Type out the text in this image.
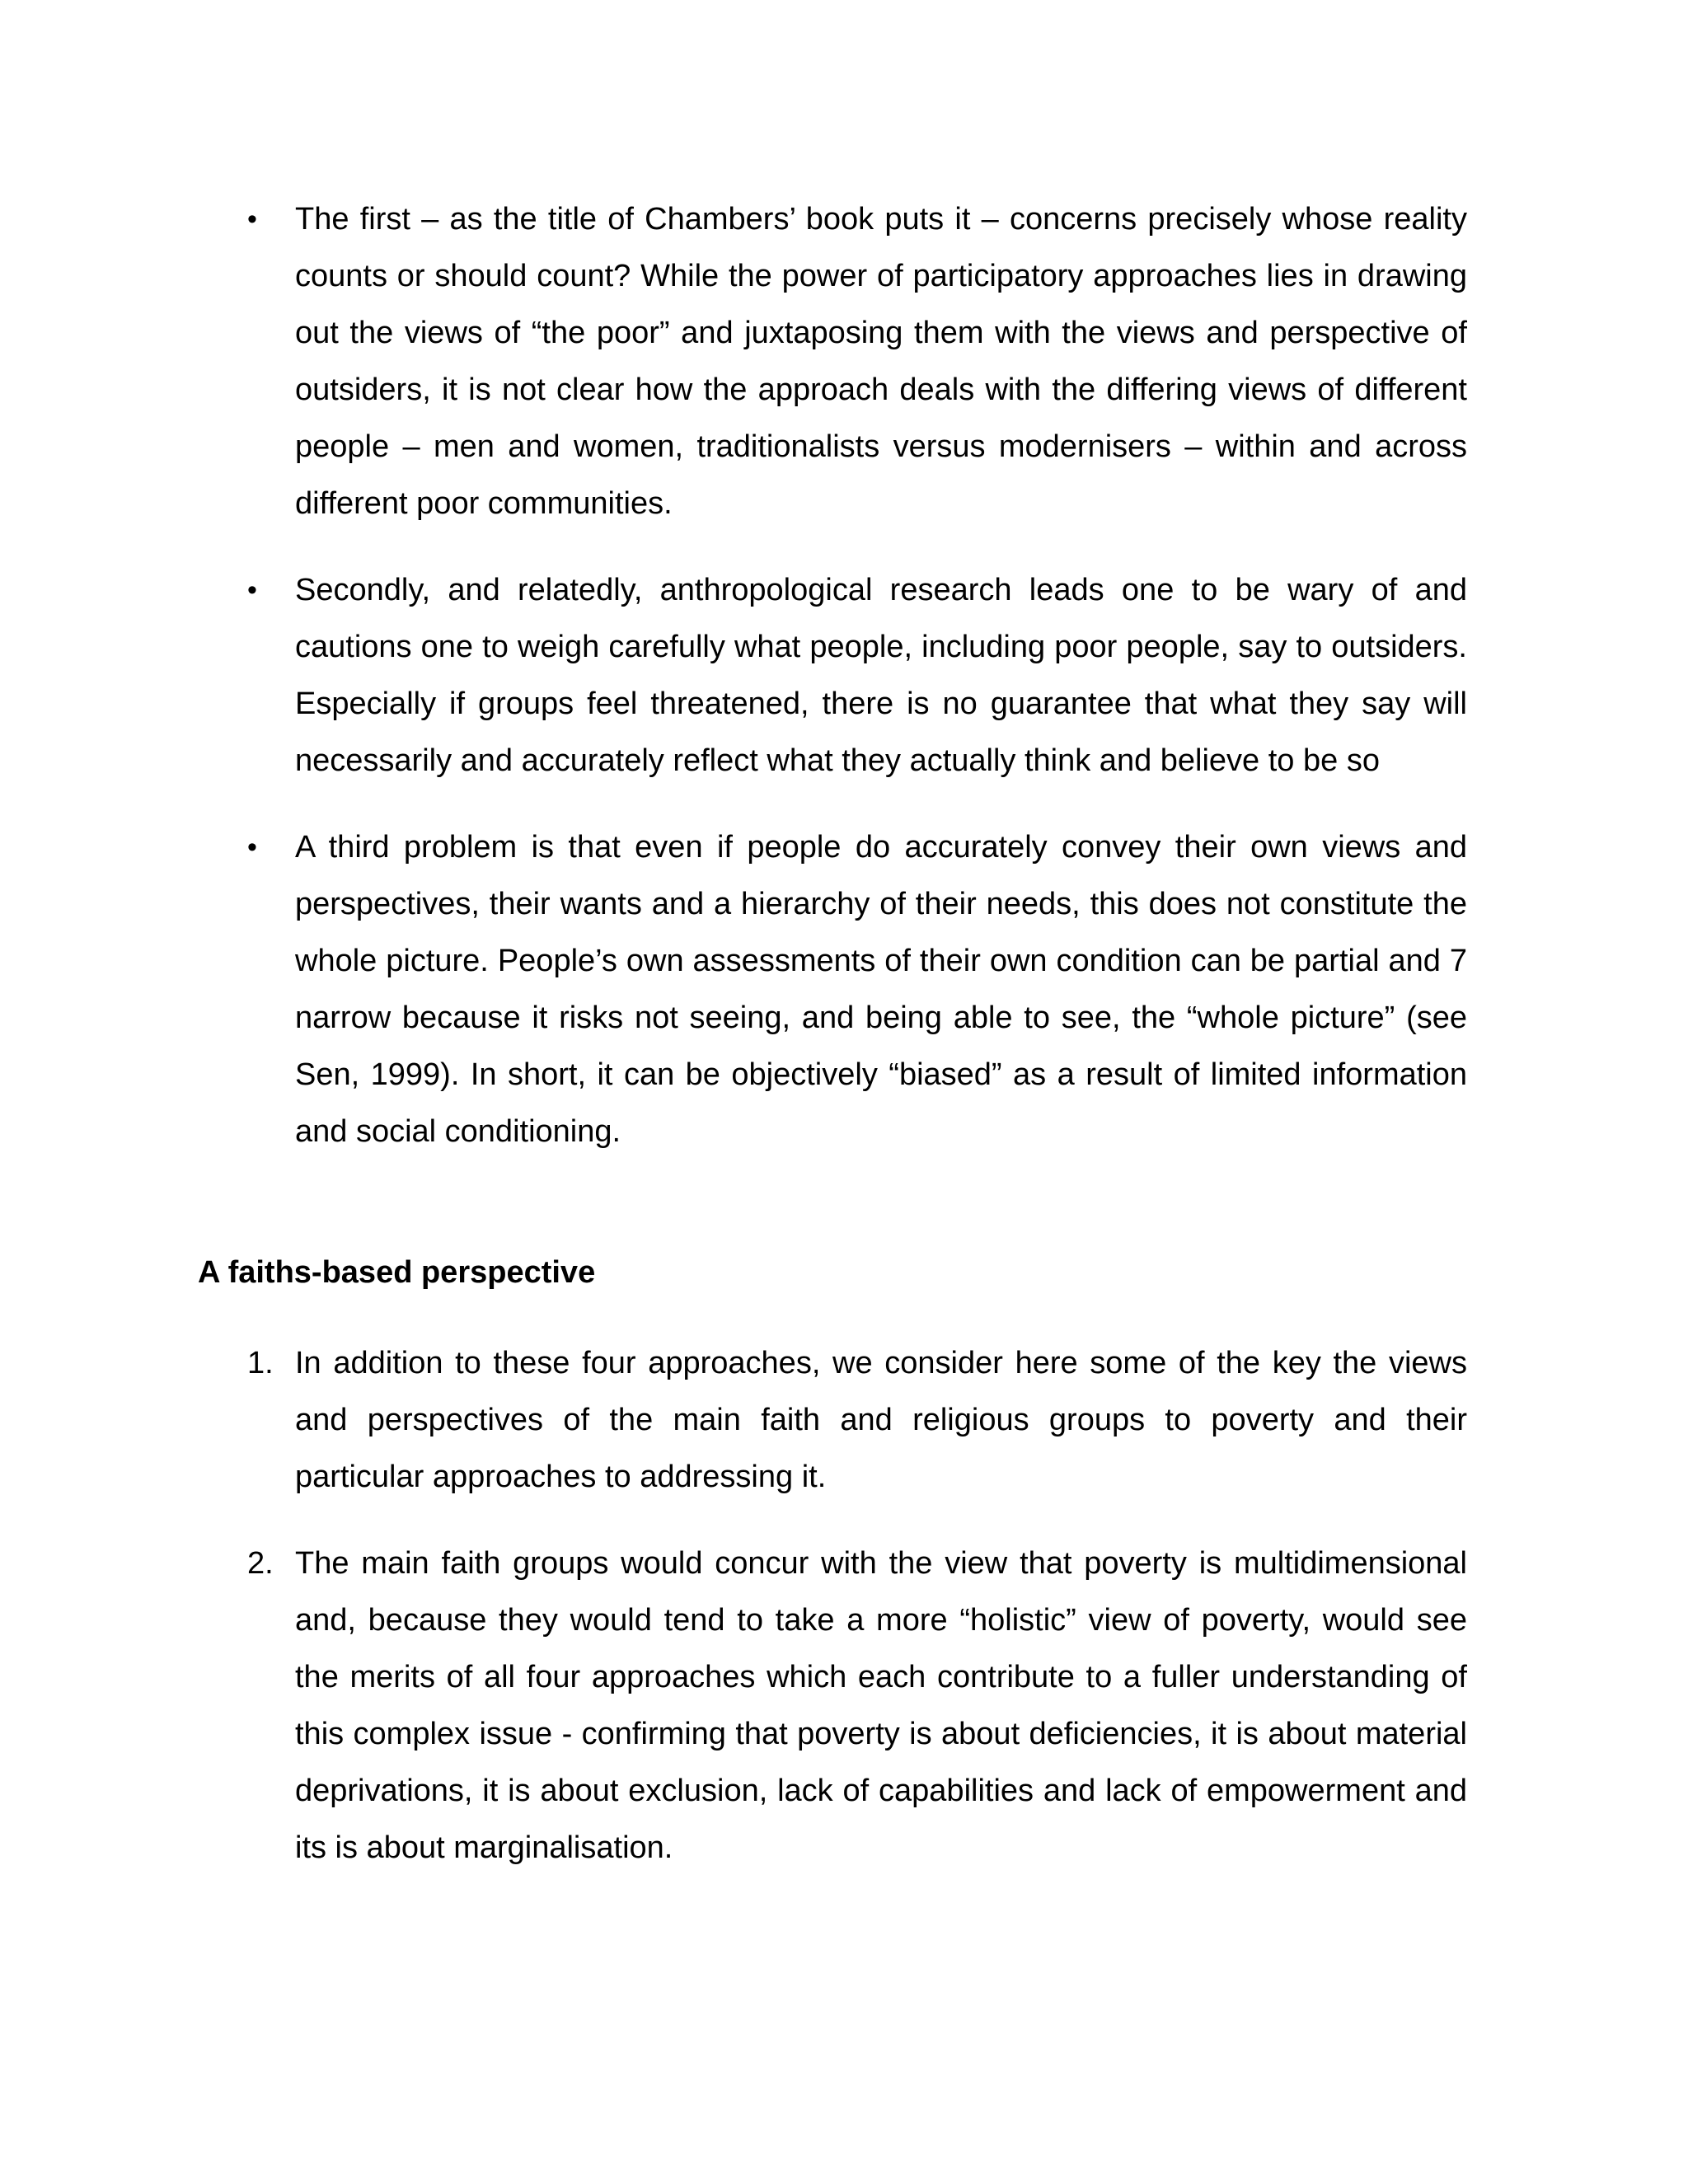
•	The first – as the title of Chambers’ book puts it – concerns precisely whose reality counts or should count? While the power of participatory approaches lies in drawing out the views of “the poor” and juxtaposing them with the views and perspective of outsiders, it is not clear how the approach deals with the differing views of different people – men and women, traditionalists versus modernisers – within and across different poor communities.
•	Secondly, and relatedly, anthropological research leads one to be wary of and cautions one to weigh carefully what people, including poor people, say to outsiders. Especially if groups feel threatened, there is no guarantee that what they say will necessarily and accurately reflect what they actually think and believe to be so
•	A third problem is that even if people do accurately convey their own views and perspectives, their wants and a hierarchy of their needs, this does not constitute the whole picture. People’s own assessments of their own condition can be partial and 7 narrow because it risks not seeing, and being able to see, the “whole picture” (see Sen, 1999). In short, it can be objectively “biased” as a result of limited information and social conditioning.
A faiths-based perspective
1. In addition to these four approaches, we consider here some of the key the views and perspectives of the main faith and religious groups to poverty and their particular approaches to addressing it.
2. The main faith groups would concur with the view that poverty is multidimensional and, because they would tend to take a more “holistic” view of poverty, would see the merits of all four approaches which each contribute to a fuller understanding of this complex issue - confirming that poverty is about deficiencies, it is about material deprivations, it is about exclusion, lack of capabilities and lack of empowerment and its is about marginalisation.
